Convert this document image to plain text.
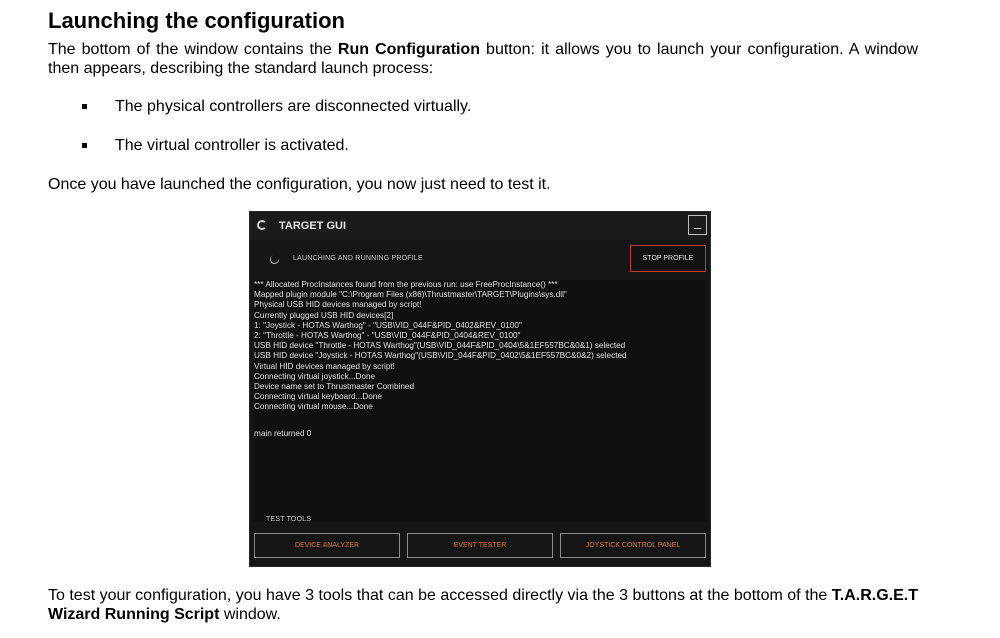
Launching the configuration
The bottom of the window contains the Run Configuration button: it allows you to launch your configuration. A window then appears, describing the standard launch process:
The physical controllers are disconnected virtually.
The virtual controller is activated.
Once you have launched the configuration, you now just need to test it.
TARGET GUI
LAUNCHING AND RUNNING PROFILE	STOP PROFILE
*** Allocated ProcInstances found from the previous run: use FreeProcInstance() ***
Mapped plugin module "C:\Program Files (x86)\Thrustmaster\TARGET\Plugins\sys.dll"
Physical USB HID devices managed by script!
Currently plugged USB HID devices[2]
1: "Joystick - HOTAS Warthog" - "USB\VID_044F&PID_0402&REV_0100"
2: "Throttle - HOTAS Warthog" - "USB\VID_044F&PID_0404&REV_0100"
USB HID device "Throttle - HOTAS Warthog"(USB\VID_044F&PID_0404\5&1EF557BC&0&1) selected
USB HID device "Joystick - HOTAS Warthog"(USB\VID_044F&PID_0402\5&1EF557BC&0&2) selected
Virtual HID devices managed by script!
Connecting virtual joystick...Done
Device name set to Thrustmaster Combined
Connecting virtual keyboard...Done
Connecting virtual mouse...Done
main returned 0
TEST TOOLS
DEVICE ANALYZER	EVENT TESTER	JOYSTICK CONTROL PANEL
To test your configuration, you have 3 tools that can be accessed directly via the 3 buttons at the bottom of the T.A.R.G.E.T Wizard Running Script window.
